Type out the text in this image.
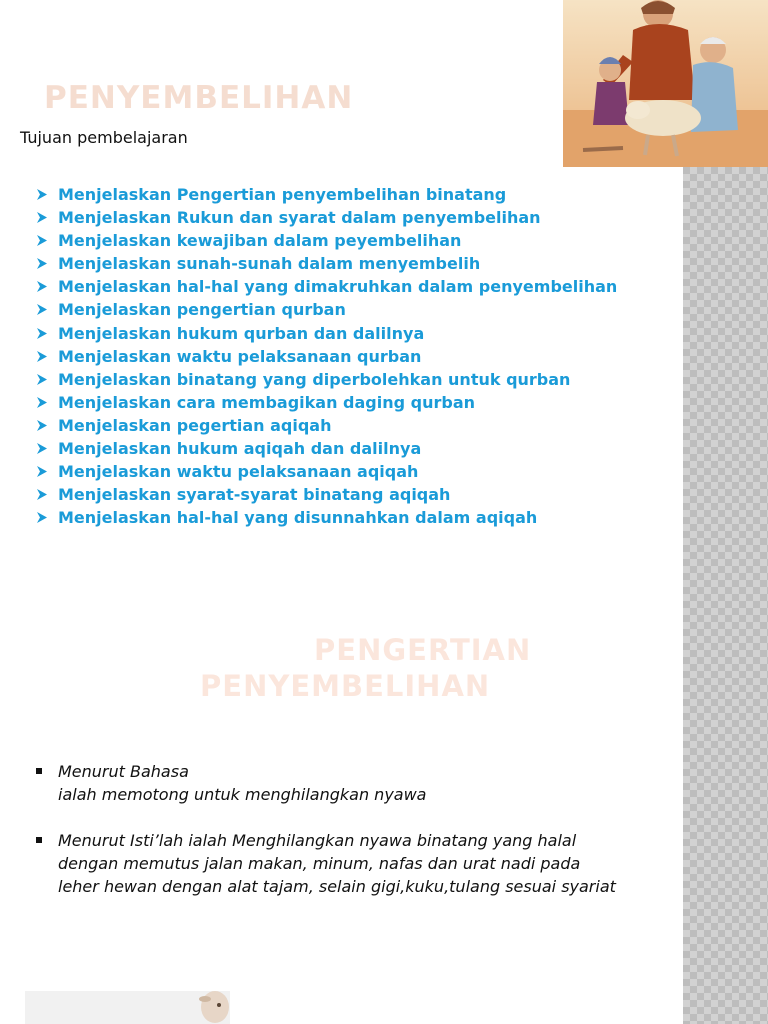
PENYEMBELIHAN
Tujuan pembelajaran
Menjelaskan Pengertian penyembelihan binatang
Menjelaskan Rukun dan syarat dalam penyembelihan
Menjelaskan kewajiban dalam peyembelihan
Menjelaskan sunah-sunah dalam menyembelih
Menjelaskan hal-hal yang dimakruhkan dalam penyembelihan
Menjelaskan pengertian qurban
Menjelaskan hukum qurban dan dalilnya
Menjelaskan waktu pelaksanaan qurban
Menjelaskan binatang yang diperbolehkan untuk qurban
Menjelaskan cara membagikan daging qurban
Menjelaskan pegertian aqiqah
Menjelaskan hukum aqiqah dan dalilnya
Menjelaskan waktu pelaksanaan aqiqah
Menjelaskan syarat-syarat binatang aqiqah
Menjelaskan hal-hal yang disunnahkan dalam aqiqah
PENGERTIAN
PENYEMBELIHAN
Menurut Bahasa
ialah memotong untuk menghilangkan nyawa
Menurut Isti’lah ialah Menghilangkan nyawa binatang yang halal
dengan memutus jalan makan, minum, nafas dan urat nadi pada
leher hewan dengan alat tajam, selain gigi,kuku,tulang sesuai syariat
